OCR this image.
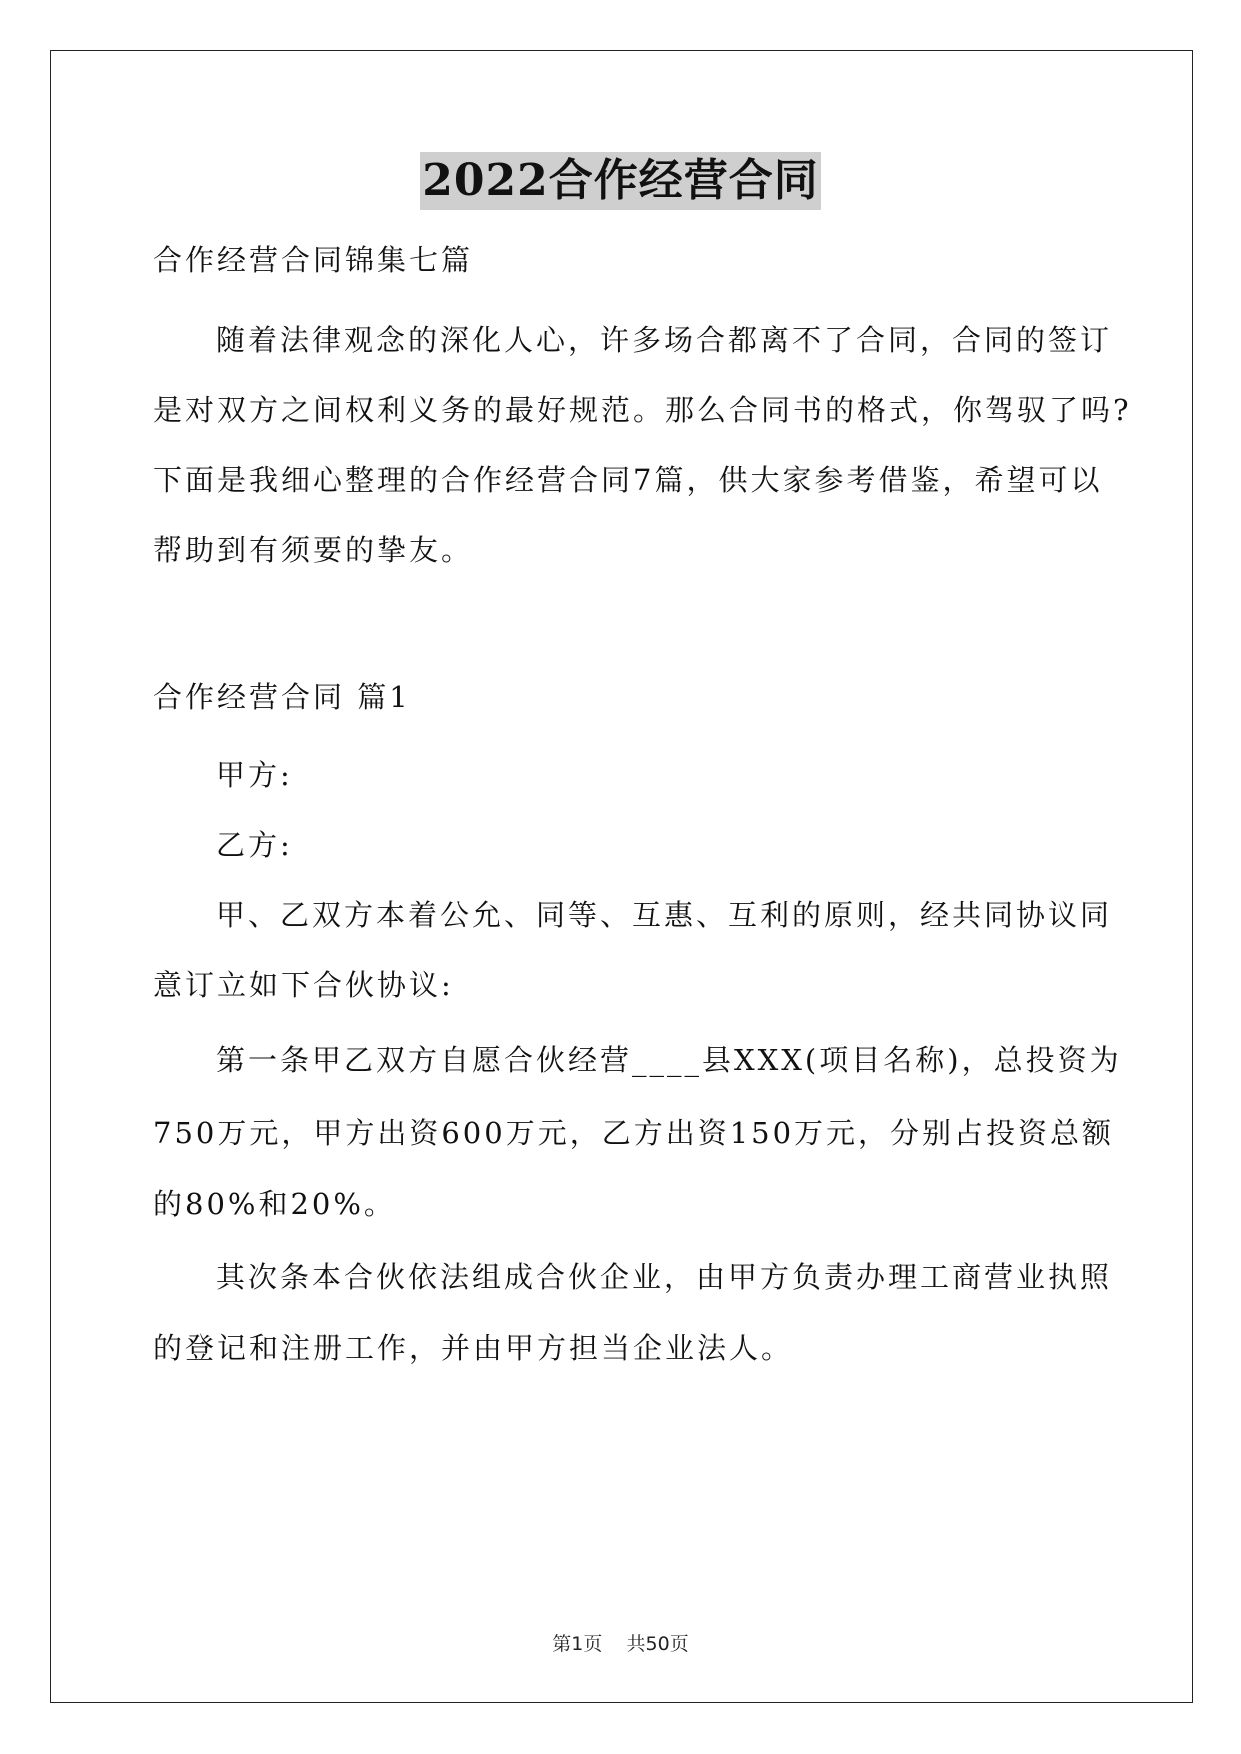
2022合作经营合同
合作经营合同锦集七篇
随着法律观念的深化人心，许多场合都离不了合同，合同的签订
是对双方之间权利义务的最好规范。那么合同书的格式，你驾驭了吗?
下面是我细心整理的合作经营合同7篇，供大家参考借鉴，希望可以
帮助到有须要的挚友。
合作经营合同 篇1
甲方:
乙方:
甲、乙双方本着公允、同等、互惠、互利的原则，经共同协议同
意订立如下合伙协议:
第一条甲乙双方自愿合伙经营____县XXX(项目名称)，总投资为
750万元，甲方出资600万元，乙方出资150万元，分别占投资总额
的80%和20%。
其次条本合伙依法组成合伙企业，由甲方负责办理工商营业执照
的登记和注册工作，并由甲方担当企业法人。
第1页 共50页
